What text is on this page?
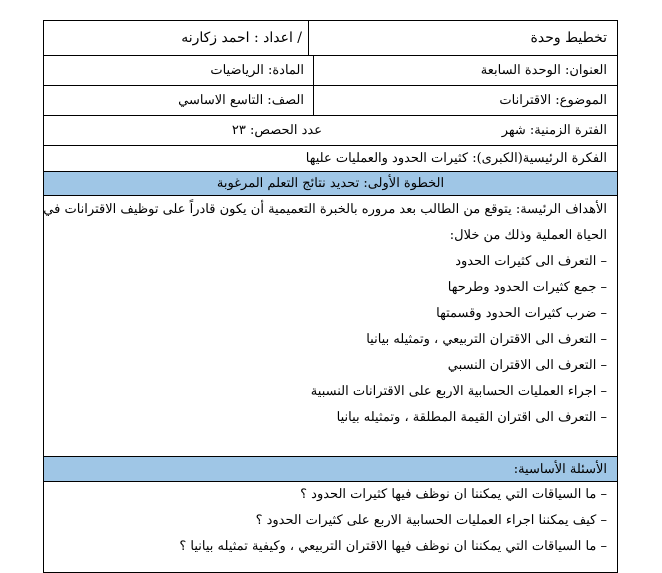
تخطيط وحدة
/ اعداد : احمد زكارنه
العنوان: الوحدة السابعة
المادة: الرياضيات
الموضوع: الاقترانات
الصف: التاسع الاساسي
الفترة الزمنية: شهر
عدد الحصص: ٢٣
الفكرة الرئيسية(الكبرى): كثيرات الحدود والعمليات عليها
الخطوة الأولى: تحديد نتائج التعلم المرغوبة
الأهداف الرئيسة: يتوقع من الطالب بعد مروره بالخبرة التعميمية أن يكون قادراً على توظيف الاقترانات في
الحياة العملية وذلك من خلال:
– التعرف الى كثيرات الحدود
– جمع كثيرات الحدود وطرحها
– ضرب كثيرات الحدود وقسمتها
– التعرف الى الاقتران التربيعي ، وتمثيله بيانيا
– التعرف الى الاقتران النسبي
– اجراء العمليات الحسابية الاربع على الاقترانات النسبية
– التعرف الى اقتران القيمة المطلقة ، وتمثيله بيانيا
الأسئلة الأساسية:
– ما السياقات التي يمكننا ان نوظف فيها كثيرات الحدود ؟
– كيف يمكننا اجراء العمليات الحسابية الاربع على كثيرات الحدود ؟
– ما السياقات التي يمكننا ان نوظف فيها الاقتران التربيعي ، وكيفية تمثيله بيانيا ؟
